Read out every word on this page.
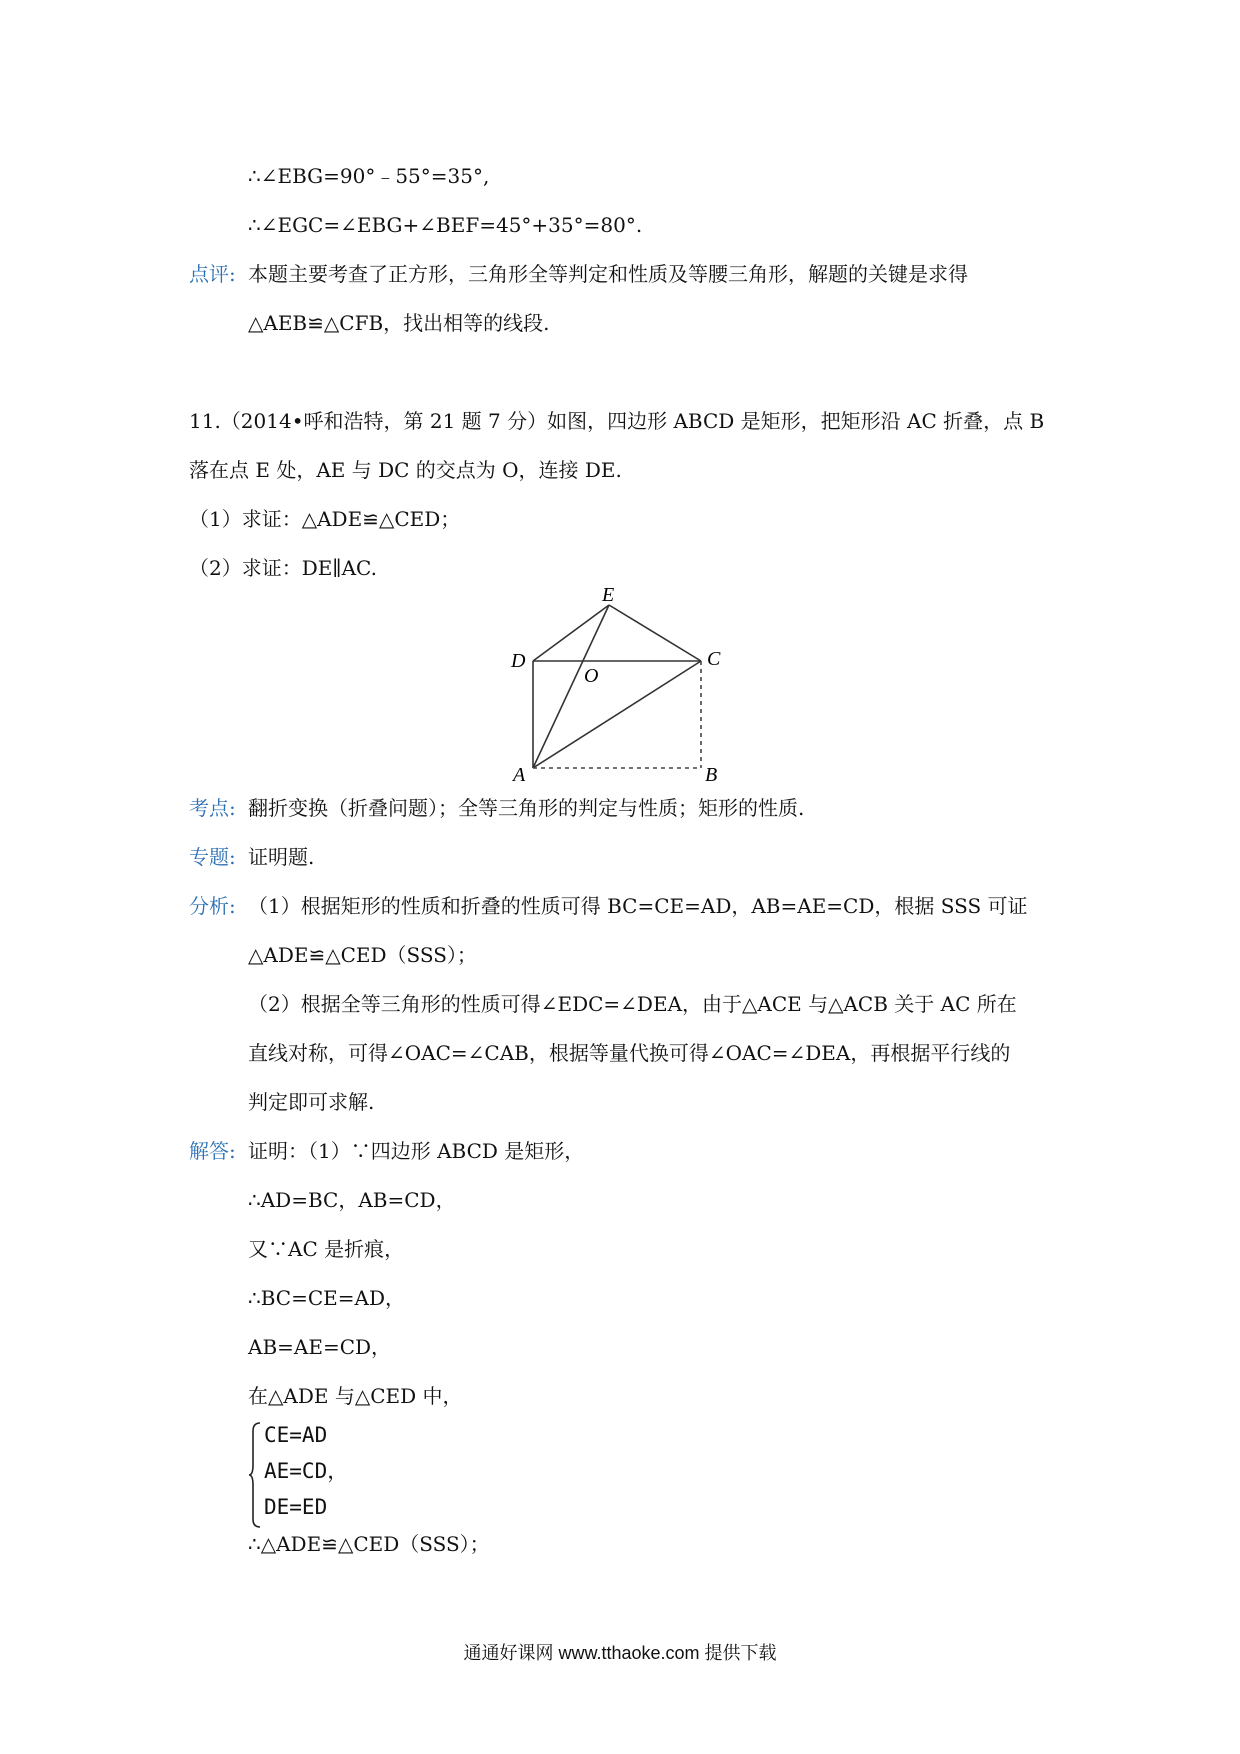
∴∠EBG=90°﹣55°=35°,
∴∠EGC=∠EBG+∠BEF=45°+35°=80°.
点评: 本题主要考查了正方形，三角形全等判定和性质及等腰三角形，解题的关键是求得
△AEB≌△CFB，找出相等的线段.
11.（2014•呼和浩特，第 21 题 7 分）如图，四边形 ABCD 是矩形，把矩形沿 AC 折叠，点 B
落在点 E 处，AE 与 DC 的交点为 O，连接 DE.
（1）求证：△ADE≌△CED；
（2）求证：DE∥AC.
E
D
O
C
A	B
考点: 翻折变换（折叠问题）；全等三角形的判定与性质；矩形的性质.
专题: 证明题.
分析: （1）根据矩形的性质和折叠的性质可得 BC=CE=AD，AB=AE=CD，根据 SSS 可证
△ADE≌△CED（SSS）；
（2）根据全等三角形的性质可得∠EDC=∠DEA，由于△ACE 与△ACB 关于 AC 所在
直线对称，可得∠OAC=∠CAB，根据等量代换可得∠OAC=∠DEA，再根据平行线的
判定即可求解.
解答: 证明：（1）∵四边形 ABCD 是矩形，
∴AD=BC，AB=CD，
又∵AC 是折痕，
∴BC=CE=AD，
AB=AE=CD，
在△ADE 与△CED 中，
CE=AD
AE=CD，
DE=ED
∴△ADE≌△CED（SSS）；
通通好课网 www.tthaoke.com 提供下载
